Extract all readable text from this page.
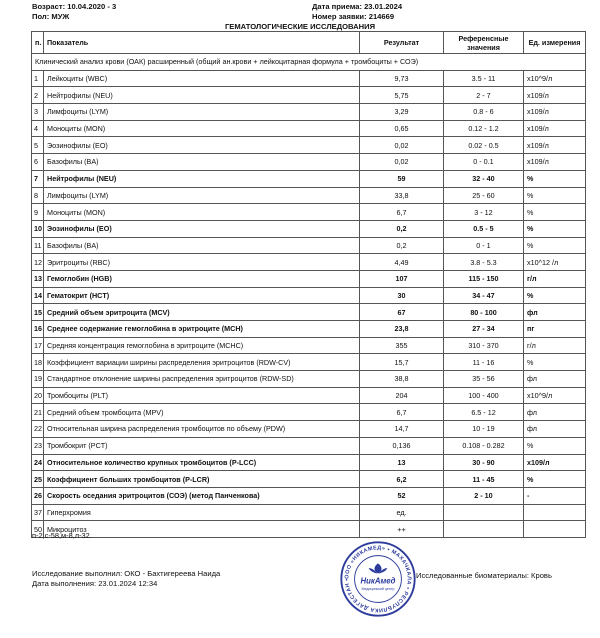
Возраст: 10.04.2020 - 3
Пол: МУЖ
Дата приема: 23.01.2024
Номер заявки: 214669
ГЕМАТОЛОГИЧЕСКИЕ ИССЛЕДОВАНИЯ
п.	Показатель	Результат	Референсные значения	Ед. измерения
Клинический анализ крови (ОАК) расширенный (общий ан.крови + лейкоцитарная формула + тромбоциты + СОЭ)				
1	Лейкоциты (WBC)	9,73	3.5 - 11	х10^9/л
2	Нейтрофилы (NEU)	5,75	2 - 7	х109/л
3	Лимфоциты (LYM)	3,29	0.8 - 6	х109/л
4	Моноциты (MON)	0,65	0.12 - 1.2	х109/л
5	Эозинофилы (EO)	0,02	0.02 - 0.5	х109/л
6	Базофилы (BA)	0,02	0 - 0.1	х109/л
7	Нейтрофилы (NEU)	59	32 - 40	%
8	Лимфоциты (LYM)	33,8	25 - 60	%
9	Моноциты (MON)	6,7	3 - 12	%
10	Эозинофилы (EO)	0,2	0.5 - 5	%
11	Базофилы (BA)	0,2	0 - 1	%
12	Эритроциты (RBC)	4,49	3.8 - 5.3	х10^12 /л
13	Гемоглобин (HGB)	107	115 - 150	г/л
14	Гематокрит (HCT)	30	34 - 47	%
15	Средний объем эритроцита (MCV)	67	80 - 100	фл
16	Среднее содержание гемоглобина в эритроците (MCH)	23,8	27 - 34	пг
17	Средняя концентрация гемоглобина в эритроците (MCHC)	355	310 - 370	г/л
18	Коэффициент вариации ширины распределения эритроцитов (RDW-CV)	15,7	11 - 16	%
19	Стандартное отклонение ширины распределения эритроцитов (RDW-SD)	38,8	35 - 56	фл
20	Тромбоциты (PLT)	204	100 - 400	х10^9/л
21	Средний объем тромбоцита (MPV)	6,7	6.5 - 12	фл
22	Относительная ширина распределения тромбоцитов по объему (PDW)	14,7	10 - 19	фл
23	Тромбокрит (PCT)	0,136	0.108 - 0.282	%
24	Относительное количество крупных тромбоцитов (P-LCC)	13	30 - 90	х109/л
25	Коэффициент больших тромбоцитов (P-LCR)	6,2	11 - 45	%
26	Скорость оседания эритроцитов (СОЭ) (метод Панченкова)	52	2 - 10	-
37	Гиперхромия	ед.		
50	Микроцитоз	++		
п-2,с-58,м-8,л-32.
Исследование выполнил: ОКО - Бахтигереева Наида
Дата выполнения: 23.01.2024 12:34
Исследованные биоматериалы: Кровь
ООО «НИКАМЕД» • МАХАЧКАЛА • РЕСПУБЛИКА ДАГЕСТАН •	НикАмед
Медицинский центр
